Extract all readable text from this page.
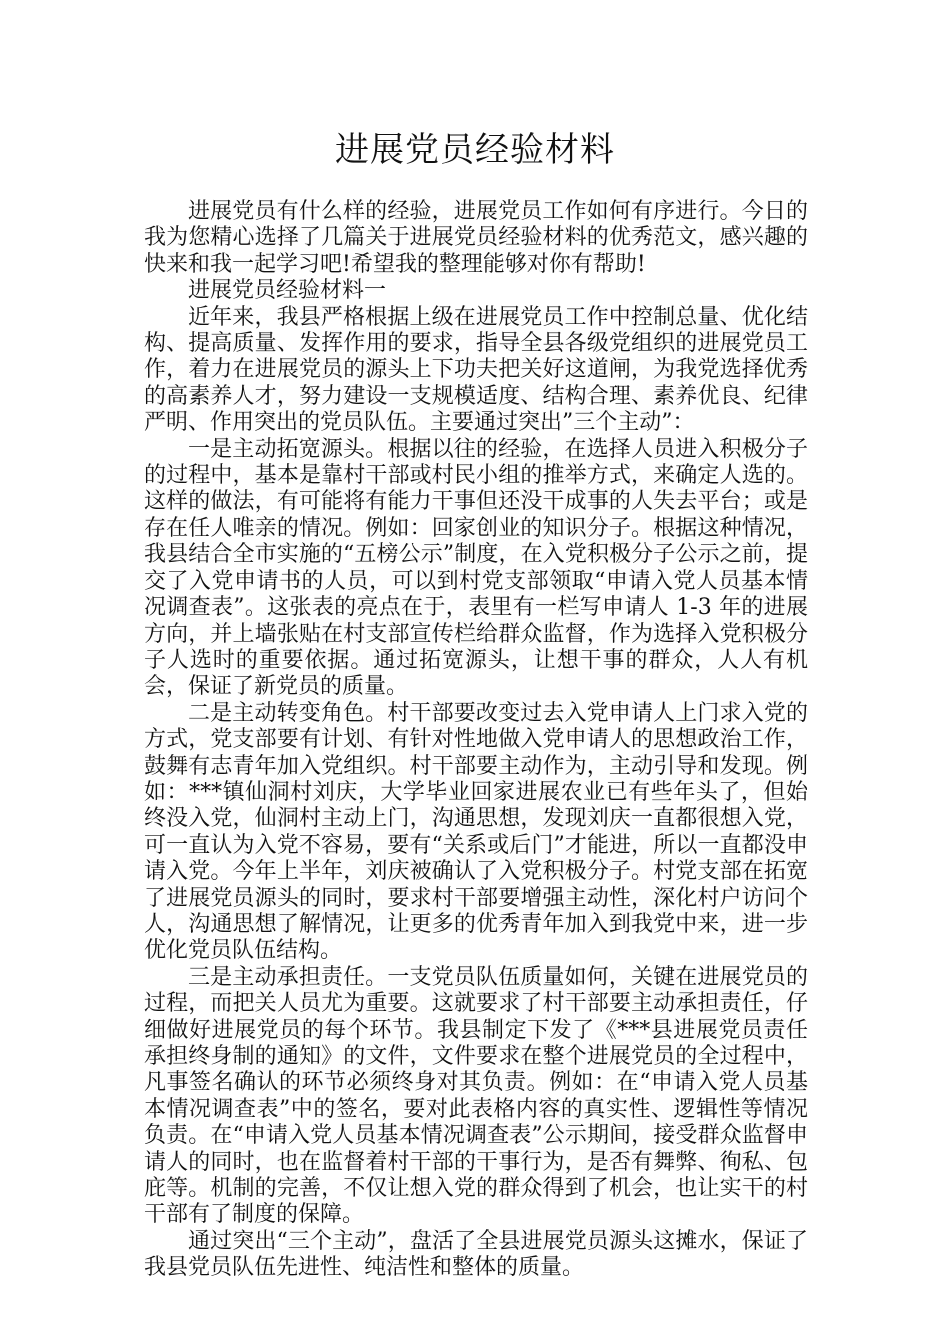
进展党员经验材料

进展党员有什么样的经验，进展党员工作如何有序进行。今日的我为您精心选择了几篇关于进展党员经验材料的优秀范文，感兴趣的快来和我一起学习吧!希望我的整理能够对你有帮助!

进展党员经验材料一

近年来，我县严格根据上级在进展党员工作中控制总量、优化结构、提高质量、发挥作用的要求，指导全县各级党组织的进展党员工作，着力在进展党员的源头上下功夫把关好这道闸，为我党选择优秀的高素养人才，努力建设一支规模适度、结构合理、素养优良、纪律严明、作用突出的党员队伍。主要通过突出”三个主动”：

一是主动拓宽源头。根据以往的经验，在选择人员进入积极分子的过程中，基本是靠村干部或村民小组的推举方式，来确定人选的。这样的做法，有可能将有能力干事但还没干成事的人失去平台；或是存在任人唯亲的情况。例如：回家创业的知识分子。根据这种情况，我县结合全市实施的“五榜公示”制度，在入党积极分子公示之前，提交了入党申请书的人员，可以到村党支部领取“申请入党人员基本情况调查表”。这张表的亮点在于，表里有一栏写申请人 1-3 年的进展方向，并上墙张贴在村支部宣传栏给群众监督，作为选择入党积极分子人选时的重要依据。通过拓宽源头，让想干事的群众，人人有机会，保证了新党员的质量。

二是主动转变角色。村干部要改变过去入党申请人上门求入党的方式，党支部要有计划、有针对性地做入党申请人的思想政治工作，鼓舞有志青年加入党组织。村干部要主动作为，主动引导和发现。例如：***镇仙洞村刘庆，大学毕业回家进展农业已有些年头了，但始终没入党，仙洞村主动上门，沟通思想，发现刘庆一直都很想入党，可一直认为入党不容易，要有“关系或后门”才能进，所以一直都没申请入党。今年上半年，刘庆被确认了入党积极分子。村党支部在拓宽了进展党员源头的同时，要求村干部要增强主动性，深化村户访问个人，沟通思想了解情况，让更多的优秀青年加入到我党中来，进一步优化党员队伍结构。

三是主动承担责任。一支党员队伍质量如何，关键在进展党员的过程，而把关人员尤为重要。这就要求了村干部要主动承担责任，仔细做好进展党员的每个环节。我县制定下发了《***县进展党员责任承担终身制的通知》的文件，文件要求在整个进展党员的全过程中，凡事签名确认的环节必须终身对其负责。例如：在“申请入党人员基本情况调查表”中的签名，要对此表格内容的真实性、逻辑性等情况负责。在“申请入党人员基本情况调查表”公示期间，接受群众监督申请人的同时，也在监督着村干部的干事行为，是否有舞弊、徇私、包庇等。机制的完善，不仅让想入党的群众得到了机会，也让实干的村干部有了制度的保障。

通过突出“三个主动”，盘活了全县进展党员源头这摊水，保证了我县党员队伍先进性、纯洁性和整体的质量。
